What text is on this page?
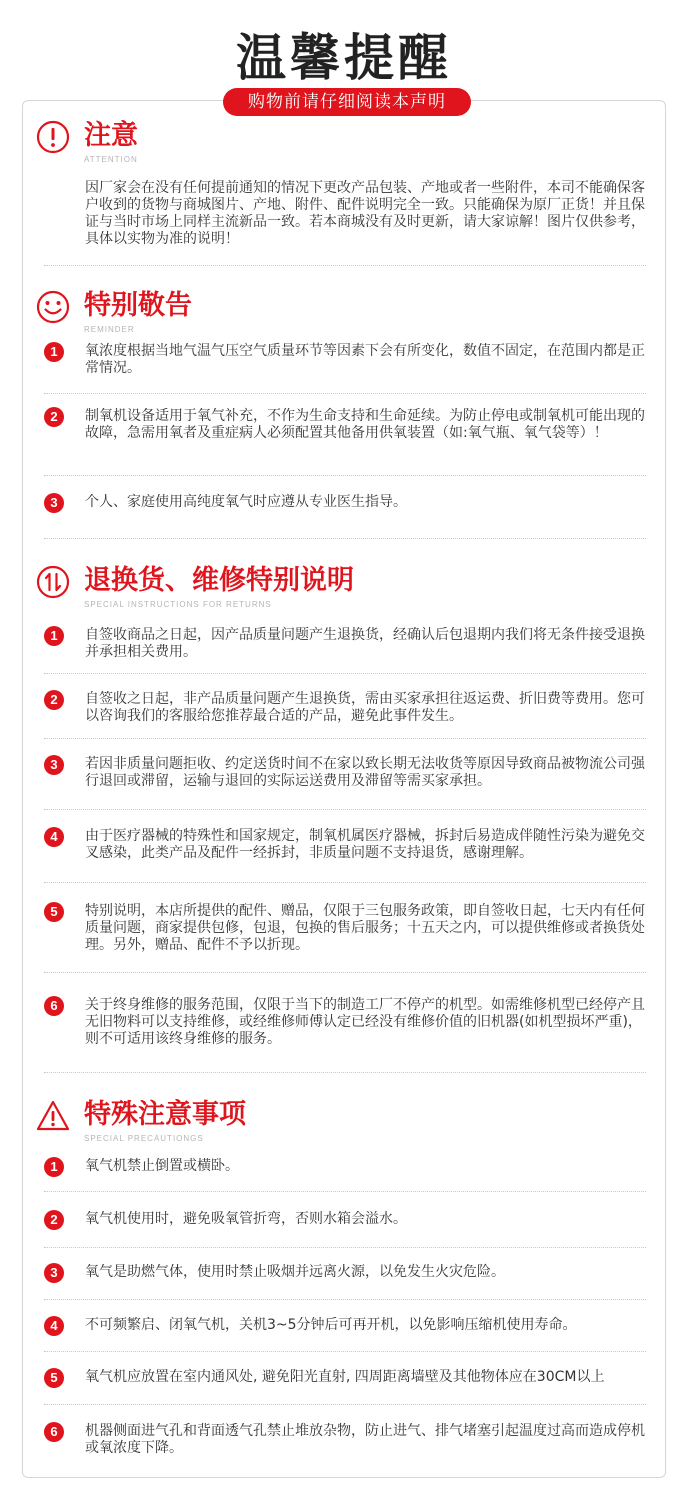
温馨提醒
购物前请仔细阅读本声明
注意
ATTENTION
因厂家会在没有任何提前通知的情况下更改产品包装、产地或者一些附件，本司不能确保客户收到的货物与商城图片、产地、附件、配件说明完全一致。只能确保为原厂正货！并且保证与当时市场上同样主流新品一致。若本商城没有及时更新，请大家谅解！图片仅供参考，具体以实物为准的说明！
特别敬告
REMINDER
1	氧浓度根据当地气温气压空气质量环节等因素下会有所变化，数值不固定，在范围内都是正常情况。
2	制氧机设备适用于氧气补充，不作为生命支持和生命延续。为防止停电或制氧机可能出现的故障，急需用氧者及重症病人必须配置其他备用供氧装置（如:氧气瓶、氧气袋等）！
3	个人、家庭使用高纯度氧气时应遵从专业医生指导。
退换货、维修特别说明
SPECIAL INSTRUCTIONS FOR RETURNS
1	自签收商品之日起，因产品质量问题产生退换货，经确认后包退期内我们将无条件接受退换并承担相关费用。
2	自签收之日起，非产品质量问题产生退换货，需由买家承担往返运费、折旧费等费用。您可以咨询我们的客服给您推荐最合适的产品，避免此事件发生。
3	若因非质量问题拒收、约定送货时间不在家以致长期无法收货等原因导致商品被物流公司强行退回或滞留，运输与退回的实际运送费用及滞留等需买家承担。
4	由于医疗器械的特殊性和国家规定，制氧机属医疗器械，拆封后易造成伴随性污染为避免交叉感染，此类产品及配件一经拆封，非质量问题不支持退货，感谢理解。
5	特别说明，本店所提供的配件、赠品，仅限于三包服务政策，即自签收日起，七天内有任何质量问题，商家提供包修，包退，包换的售后服务；十五天之内，可以提供维修或者换货处理。另外，赠品、配件不予以折现。
6	关于终身维修的服务范围，仅限于当下的制造工厂不停产的机型。如需维修机型已经停产且无旧物料可以支持维修，或经维修师傅认定已经没有维修价值的旧机器(如机型损坏严重)，则不可适用该终身维修的服务。
特殊注意事项
SPECIAL PRECAUTIONGS
1	氧气机禁止倒置或横卧。
2	氧气机使用时，避免吸氧管折弯，否则水箱会溢水。
3	氧气是助燃气体，使用时禁止吸烟并远离火源，以免发生火灾危险。
4	不可频繁启、闭氧气机，关机3~5分钟后可再开机，以免影响压缩机使用寿命。
5	氧气机应放置在室内通风处, 避免阳光直射, 四周距离墙壁及其他物体应在30CM以上
6	机器侧面进气孔和背面透气孔禁止堆放杂物，防止进气、排气堵塞引起温度过高而造成停机或氧浓度下降。
